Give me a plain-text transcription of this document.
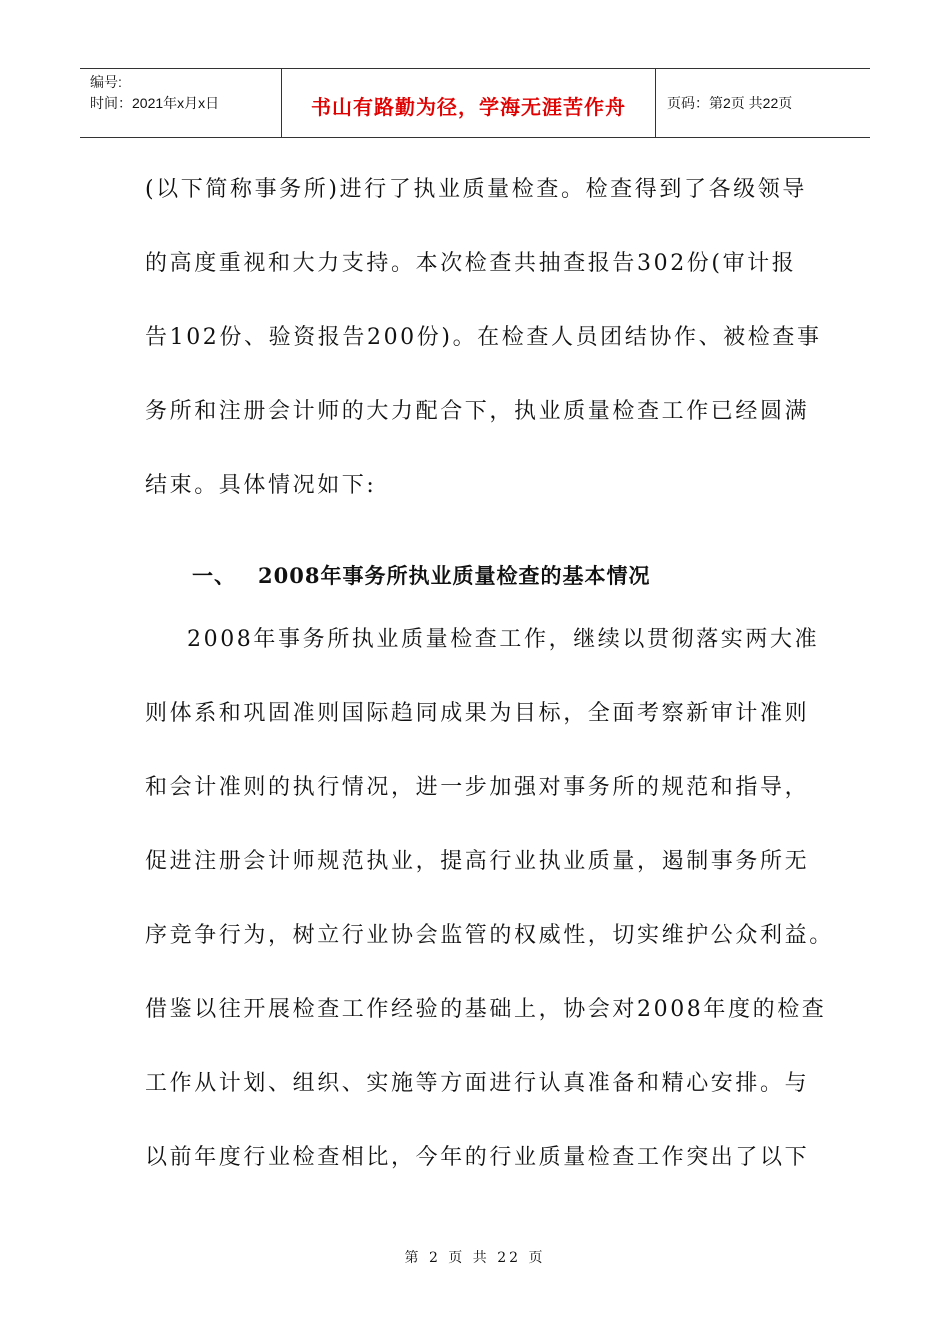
编号:
时间：2021年x月x日	书山有路勤为径，学海无涯苦作舟	页码：第2页 共22页
(以下简称事务所)进行了执业质量检查。检查得到了各级领导
的高度重视和大力支持。本次检查共抽查报告302份(审计报
告102份、验资报告200份)。在检查人员团结协作、被检查事
务所和注册会计师的大力配合下，执业质量检查工作已经圆满
结束。具体情况如下:
一、 2008年事务所执业质量检查的基本情况
2008年事务所执业质量检查工作，继续以贯彻落实两大准
则体系和巩固准则国际趋同成果为目标，全面考察新审计准则
和会计准则的执行情况，进一步加强对事务所的规范和指导，
促进注册会计师规范执业，提高行业执业质量，遏制事务所无
序竞争行为，树立行业协会监管的权威性，切实维护公众利益。
借鉴以往开展检查工作经验的基础上，协会对2008年度的检查
工作从计划、组织、实施等方面进行认真准备和精心安排。与
以前年度行业检查相比，今年的行业质量检查工作突出了以下
第 2 页 共 22 页
